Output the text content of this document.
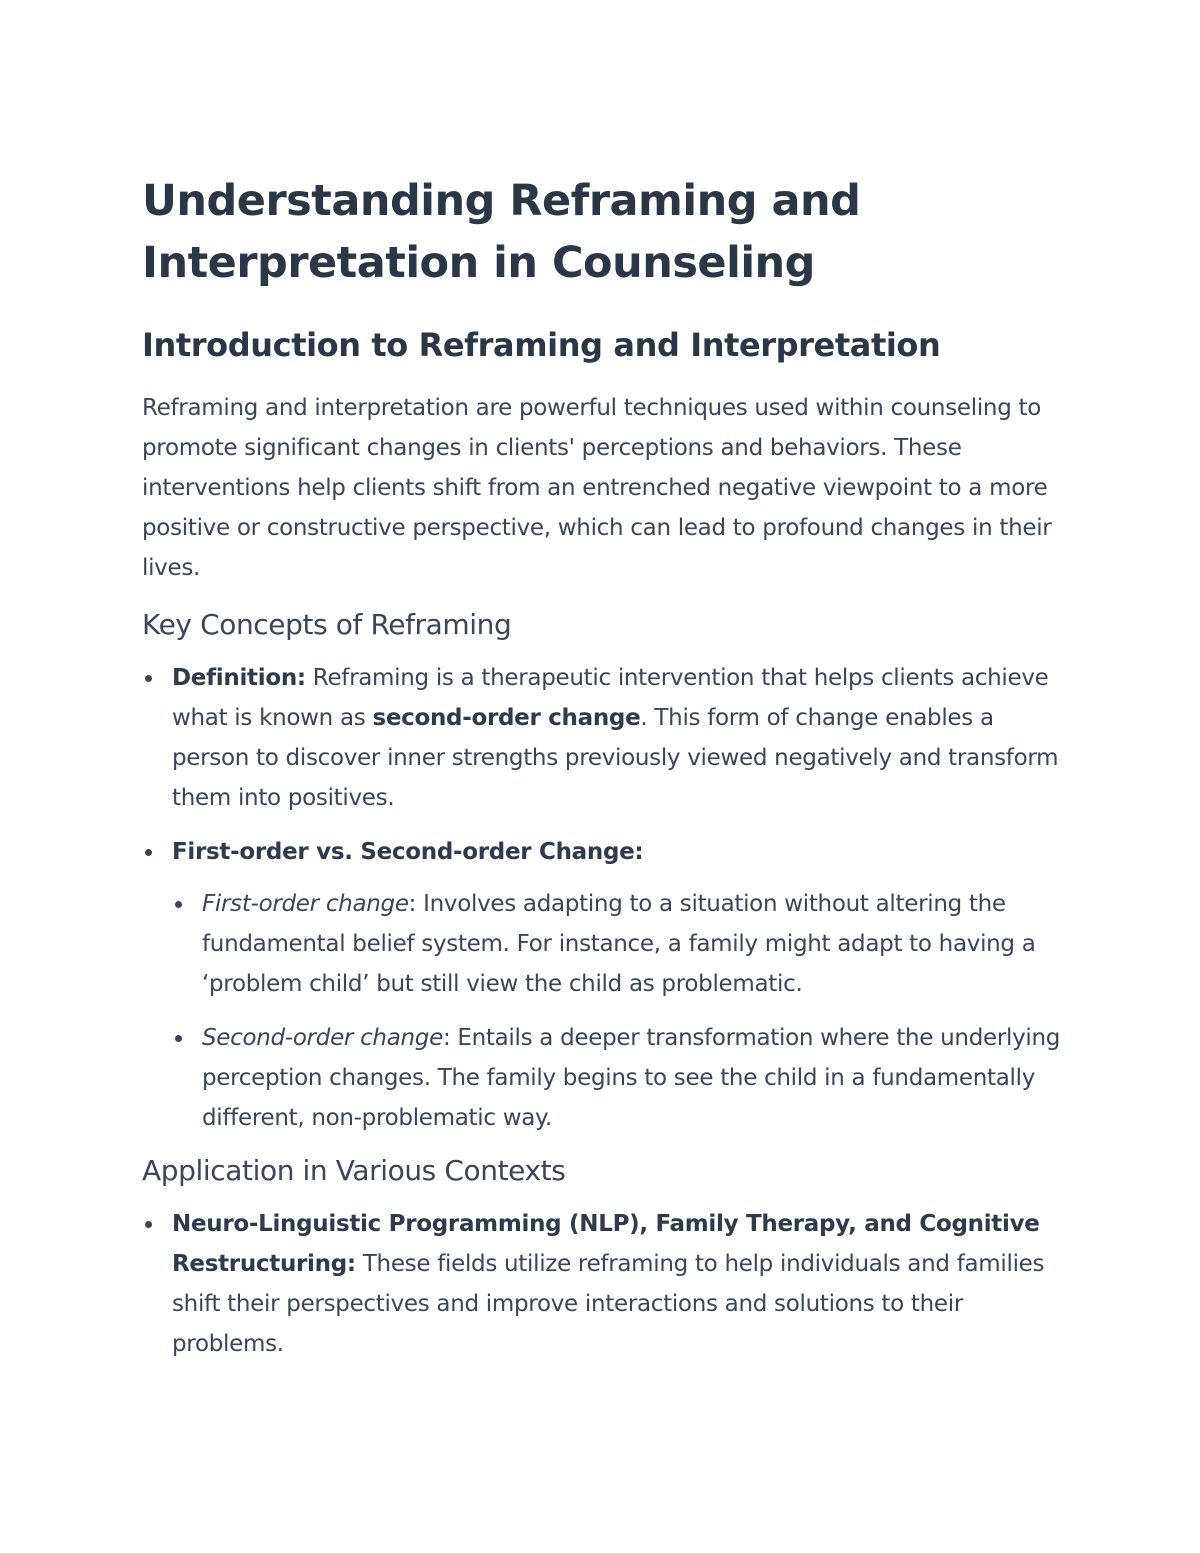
Understanding Reframing and
Interpretation in Counseling
Introduction to Reframing and Interpretation

Reframing and interpretation are powerful techniques used within counseling to promote significant changes in clients' perceptions and behaviors. These interventions help clients shift from an entrenched negative viewpoint to a more positive or constructive perspective, which can lead to profound changes in their lives.

Key Concepts of Reframing
Definition: Reframing is a therapeutic intervention that helps clients achieve what is known as second-order change. This form of change enables a person to discover inner strengths previously viewed negatively and transform them into positives.
First-order vs. Second-order Change:
First-order change: Involves adapting to a situation without altering the fundamental belief system. For instance, a family might adapt to having a ‘problem child’ but still view the child as problematic.
Second-order change: Entails a deeper transformation where the underlying perception changes. The family begins to see the child in a fundamentally different, non-problematic way.
Application in Various Contexts
Neuro-Linguistic Programming (NLP), Family Therapy, and Cognitive Restructuring: These fields utilize reframing to help individuals and families shift their perspectives and improve interactions and solutions to their problems.
